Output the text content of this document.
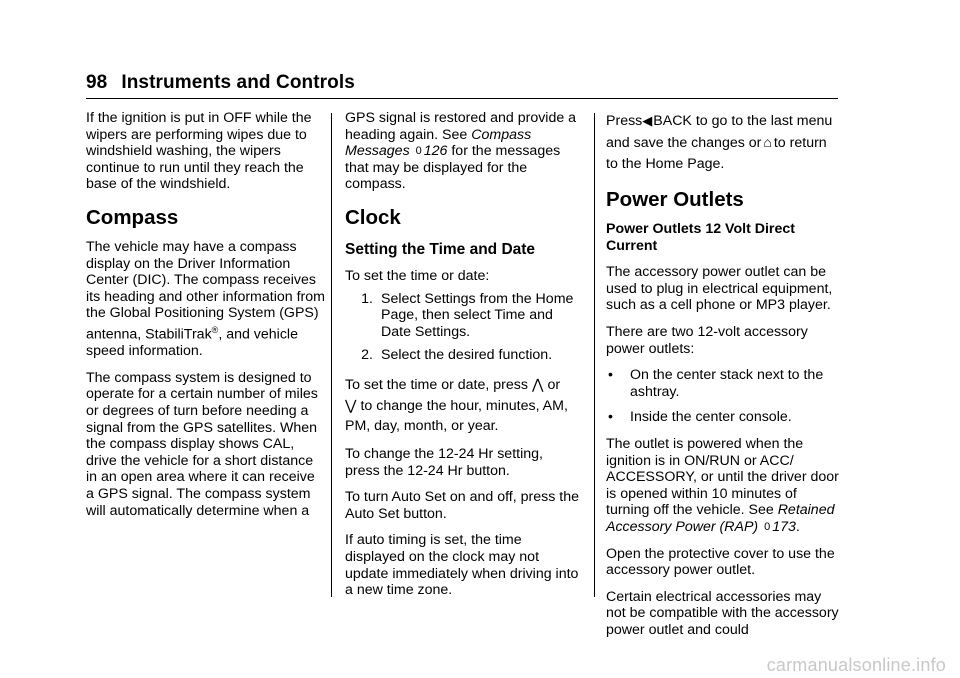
98 Instruments and Controls

If the ignition is put in OFF while the wipers are performing wipes due to windshield washing, the wipers continue to run until they reach the base of the windshield.

Compass

The vehicle may have a compass display on the Driver Information Center (DIC). The compass receives its heading and other information from the Global Positioning System (GPS) antenna, StabiliTrak®, and vehicle speed information.

The compass system is designed to operate for a certain number of miles or degrees of turn before needing a signal from the GPS satellites. When the compass display shows CAL, drive the vehicle for a short distance in an open area where it can receive a GPS signal. The compass system will automatically determine when a

GPS signal is restored and provide a heading again. See Compass Messages 0 126 for the messages that may be displayed for the compass.

Clock
Setting the Time and Date

To set the time or date:

1. Select Settings from the Home Page, then select Time and Date Settings.
2. Select the desired function.

To set the time or date, press ⋀ or
⋁ to change the hour, minutes, AM, PM, day, month, or year.

To change the 12-24 Hr setting, press the 12-24 Hr button.

To turn Auto Set on and off, press the Auto Set button.

If auto timing is set, the time displayed on the clock may not update immediately when driving into a new time zone.

Press◀BACK to go to the last menu and save the changes or ⌂ to return to the Home Page.

Power Outlets
Power Outlets 12 Volt Direct Current

The accessory power outlet can be used to plug in electrical equipment, such as a cell phone or MP3 player.

There are two 12-volt accessory power outlets:

•	On the center stack next to the ashtray.
•	Inside the center console.

The outlet is powered when the ignition is in ON/RUN or ACC/ ACCESSORY, or until the driver door is opened within 10 minutes of turning off the vehicle. See Retained Accessory Power (RAP) 0 173.

Open the protective cover to use the accessory power outlet.

Certain electrical accessories may not be compatible with the accessory power outlet and could

carmanualsonline.info
